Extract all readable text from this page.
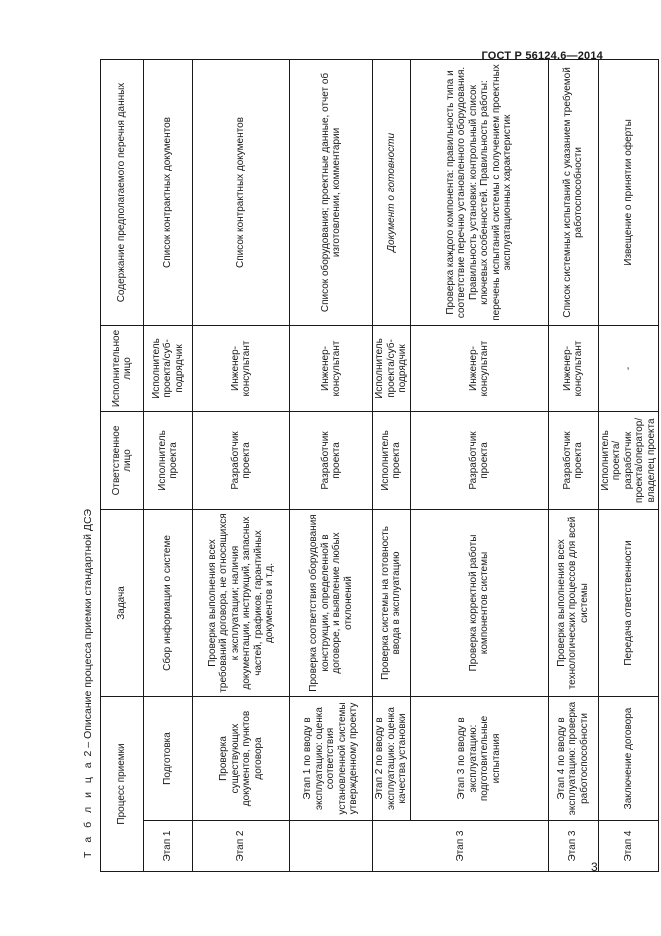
ГОСТ Р 56124.6—2014
Т а б л и ц а 2 – Описание процесса приемки стандартной ДСЭ
Процесс приемки		Задача	Ответственное лицо	Исполнительное лицо	Содержание предполагаемого перечня данных
Этап 1	Подготовка	Сбор информации о системе	Исполнитель проекта	Исполнитель проекта/суб-подрядчик	Список контрактных документов
Этап 2	Проверка существующих документов, пунктов договора	Проверка выполнения всех требований договора, не относящихся к эксплуатации; наличия документации, инструкций, запасных частей, графиков, гарантийных документов и т.д.	Разработчик проекта	Инженер-консультант	Список контрактных документов
	Этап 1 по вводу в эксплуатацию: оценка соответствия установленной системы утвержденному проекту	Проверка соответствия оборудования конструкции, определенной в договоре, и выявление любых отклонений	Разработчик проекта	Инженер-консультант	Список оборудования; проектные данные, отчет об изготовлении, комментарии
Этап 3	Этап 2 по вводу в эксплуатацию: оценка качества установки	Проверка системы на готовность ввода в эксплуатацию	Исполнитель проекта	Исполнитель проекта/суб-подрядчик	Документ о готовности
	Этап 3 по вводу в эксплуатацию: подготовительные испытания	Проверка корректной работы компонентов системы	Разработчик проекта	Инженер-консультант	Проверка каждого компонента: правильность типа и соответствие перечню установленного оборудования. Правильность установки: контрольный список ключевых особенностей. Правильность работы: перечень испытаний системы с получением проектных эксплуатационных характеристик
Этап 3	Этап 4 по вводу в эксплуатацию: проверка работоспособности	Проверка выполнения всех технологических процессов для всей системы	Разработчик проекта	Инженер-консультант	Список системных испытаний с указанием требуемой работоспособности
Этап 4	Заключение договора	Передача ответственности	Исполнитель проекта/разработчик проекта/оператор/владелец проекта	-	Извещение о принятии оферты
3
